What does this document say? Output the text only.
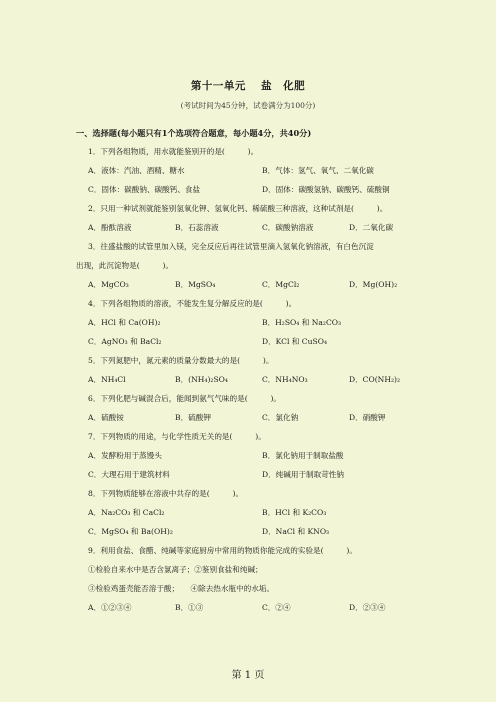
第十一单元　 盐　化肥
(考试时间为45分钟，试卷满分为100分)
一、选择题(每小题只有1个选项符合题意，每小题4分，共40分)
1．下列各组物质，用水就能鉴别开的是(　　　)。
A．液体：汽油、酒精、糖水	B．气体：氢气、氧气、二氧化碳
C．固体：碳酸钠、碳酸钙、食盐	D．固体：碳酸氢钠、碳酸钙、硫酸铜
2．只用一种试剂就能鉴别氢氧化钾、氢氧化钙、稀硫酸三种溶液，这种试剂是(　　　)。
A．酚酞溶液	B．石蕊溶液	C．碳酸钠溶液	D．二氧化碳
3．往盛盐酸的试管里加入镁，完全反应后再往试管里滴入氢氧化钠溶液，有白色沉淀
出现，此沉淀物是(　　　)。
A．MgCO₃	B．MgSO₄	C．MgCl₂	D．Mg(OH)₂
4．下列各组物质的溶液，不能发生复分解反应的是(　　　)。
A．HCl 和 Ca(OH)₂	B．H₂SO₄ 和 Na₂CO₃
C．AgNO₃ 和 BaCl₂	D．KCl 和 CuSO₄
5．下列氮肥中，氮元素的质量分数最大的是(　　　)。
A．NH₄Cl	B．(NH₄)₂SO₄	C．NH₄NO₃	D．CO(NH₂)₂
6．下列化肥与碱混合后，能闻到氨气气味的是(　　　)。
A．硫酸铵	B．硫酸钾	C．氯化钠	D．硝酸钾
7．下列物质的用途，与化学性质无关的是(　　　)。
A．发酵粉用于蒸馒头	B．氯化钠用于制取盐酸
C．大理石用于建筑材料	D．纯碱用于制取苛性钠
8．下列物质能够在溶液中共存的是(　　　)。
A．Na₂CO₃ 和 CaCl₂	B．HCl 和 K₂CO₃
C．MgSO₄ 和 Ba(OH)₂	D．NaCl 和 KNO₃
9．利用食盐、食醋、纯碱等家庭厨房中常用的物质你能完成的实验是(　　　)。
①检验自来水中是否含氯离子；②鉴别食盐和纯碱；
③检验鸡蛋壳能否溶于酸；　　④除去热水瓶中的水垢。
A．①②③④	B．①③	C．②④	D．②③④
第 1 页
